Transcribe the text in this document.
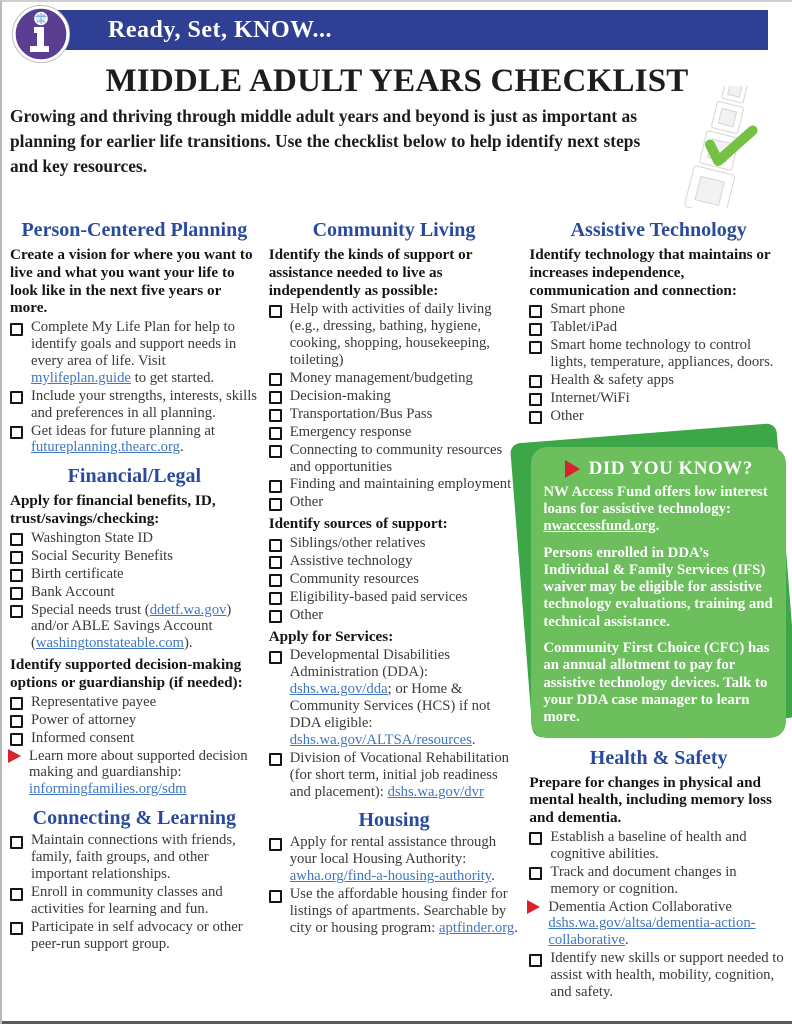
Ready, Set, KNOW...
MIDDLE ADULT YEARS CHECKLIST
Growing and thriving through middle adult years and beyond is just as important as planning for earlier life transitions. Use the checklist below to help identify next steps and key resources.
Person-Centered Planning
Create a vision for where you want to live and what you want your life to look like in the next five years or more.
Complete My Life Plan for help to identify goals and support needs in every area of life. Visit mylifeplan.guide to get started.
Include your strengths, interests, skills and preferences in all planning.
Get ideas for future planning at futureplanning.thearc.org.
Financial/Legal
Apply for financial benefits, ID, trust/savings/checking:
Washington State ID
Social Security Benefits
Birth certificate
Bank Account
Special needs trust (ddetf.wa.gov) and/or ABLE Savings Account (washingtonstateable.com).
Identify supported decision-making options or guardianship (if needed):
Representative payee
Power of attorney
Informed consent
Learn more about supported decision making and guardianship: informingfamilies.org/sdm
Connecting & Learning
Maintain connections with friends, family, faith groups, and other important relationships.
Enroll in community classes and activities for learning and fun.
Participate in self advocacy or other peer-run support group.
Community Living
Identify the kinds of support or assistance needed to live as independently as possible:
Help with activities of daily living (e.g., dressing, bathing, hygiene, cooking, shopping, housekeeping, toileting)
Money management/budgeting
Decision-making
Transportation/Bus Pass
Emergency response
Connecting to community resources and opportunities
Finding and maintaining employment
Other
Identify sources of support:
Siblings/other relatives
Assistive technology
Community resources
Eligibility-based paid services
Other
Apply for Services:
Developmental Disabilities Administration (DDA): dshs.wa.gov/dda; or Home & Community Services (HCS) if not DDA eligible: dshs.wa.gov/ALTSA/resources.
Division of Vocational Rehabilitation (for short term, initial job readiness and placement): dshs.wa.gov/dvr
Housing
Apply for rental assistance through your local Housing Authority: awha.org/find-a-housing-authority.
Use the affordable housing finder for listings of apartments. Searchable by city or housing program: aptfinder.org.
Assistive Technology
Identify technology that maintains or increases independence, communication and connection:
Smart phone
Tablet/iPad
Smart home technology to control lights, temperature, appliances, doors.
Health & safety apps
Internet/WiFi
Other
DID YOU KNOW?
NW Access Fund offers low interest loans for assistive technology: nwaccessfund.org.
Persons enrolled in DDA’s Individual & Family Services (IFS) waiver may be eligible for assistive technology evaluations, training and technical assistance.
Community First Choice (CFC) has an annual allotment to pay for assistive technology devices. Talk to your DDA case manager to learn more.
Health & Safety
Prepare for changes in physical and mental health, including memory loss and dementia.
Establish a baseline of health and cognitive abilities.
Track and document changes in memory or cognition.
Dementia Action Collaborative dshs.wa.gov/altsa/dementia-action-collaborative.
Identify new skills or support needed to assist with health, mobility, cognition, and safety.
